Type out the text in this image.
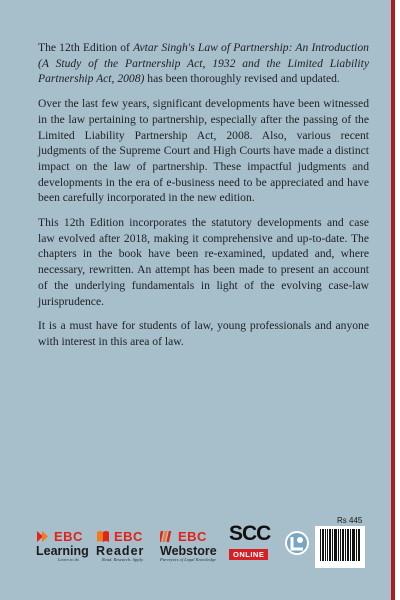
The 12th Edition of Avtar Singh's Law of Partnership: An Introduction (A Study of the Partnership Act, 1932 and the Limited Liability Partnership Act, 2008) has been thoroughly revised and updated.

Over the last few years, significant developments have been witnessed in the law pertaining to partnership, especially after the passing of the Limited Liability Partnership Act, 2008. Also, various recent judgments of the Supreme Court and High Courts have made a distinct impact on the law of partnership. These impactful judgments and developments in the era of e-business need to be appreciated and have been carefully incorporated in the new edition.

This 12th Edition incorporates the statutory developments and case law evolved after 2018, making it comprehensive and up-to-date. The chapters in the book have been re-examined, updated and, where necessary, rewritten. An attempt has been made to present an account of the underlying fundamentals in light of the evolving case-law jurisprudence.

It is a must have for students of law, young professionals and anyone with interest in this area of law.

EBC
Learning
Learn to do
EBC
Reader
Read. Research. Apply.
EBC
Webstore
Purveyors of Legal Knowledge
SCC
ONLINE
Rs 445
